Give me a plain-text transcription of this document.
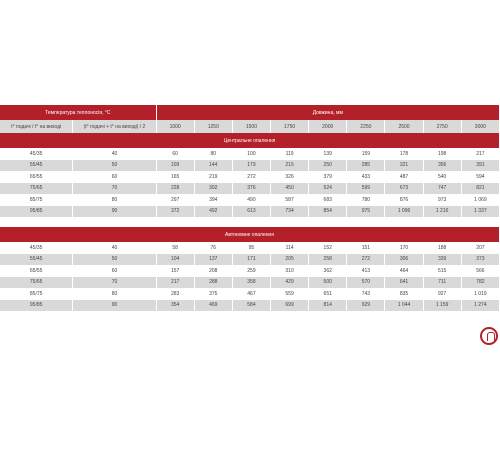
Температура теплоносія, °C		Довжина, мм								
t° подачі / t° на виході	(t° подачі + t° на виході) / 2	1000	1250	1500	1750	2000	2250	2500	2750	3000
Центральне опалення										
45/35	40	60	80	100	119	139	159	178	198	217
55/45	50	109	144	179	215	250	285	321	356	391
65/55	60	165	219	272	326	379	433	487	540	594
75/65	70	228	302	376	450	524	599	673	747	821
85/75	80	297	394	490	587	683	780	876	973	1 069
95/85	90	372	492	613	734	854	975	1 096	1 216	1 337

Автономне опалення										
45/35	40	58	76	95	114	152	151	170	188	207
55/45	50	104	137	171	205	258	272	306	339	373
65/55	60	157	208	259	310	362	413	464	515	566
75/65	70	217	288	358	429	500	570	641	711	782
85/75	80	283	375	467	559	651	743	835	927	1 019
95/85	90	354	469	584	699	814	929	1 044	1 159	1 274
